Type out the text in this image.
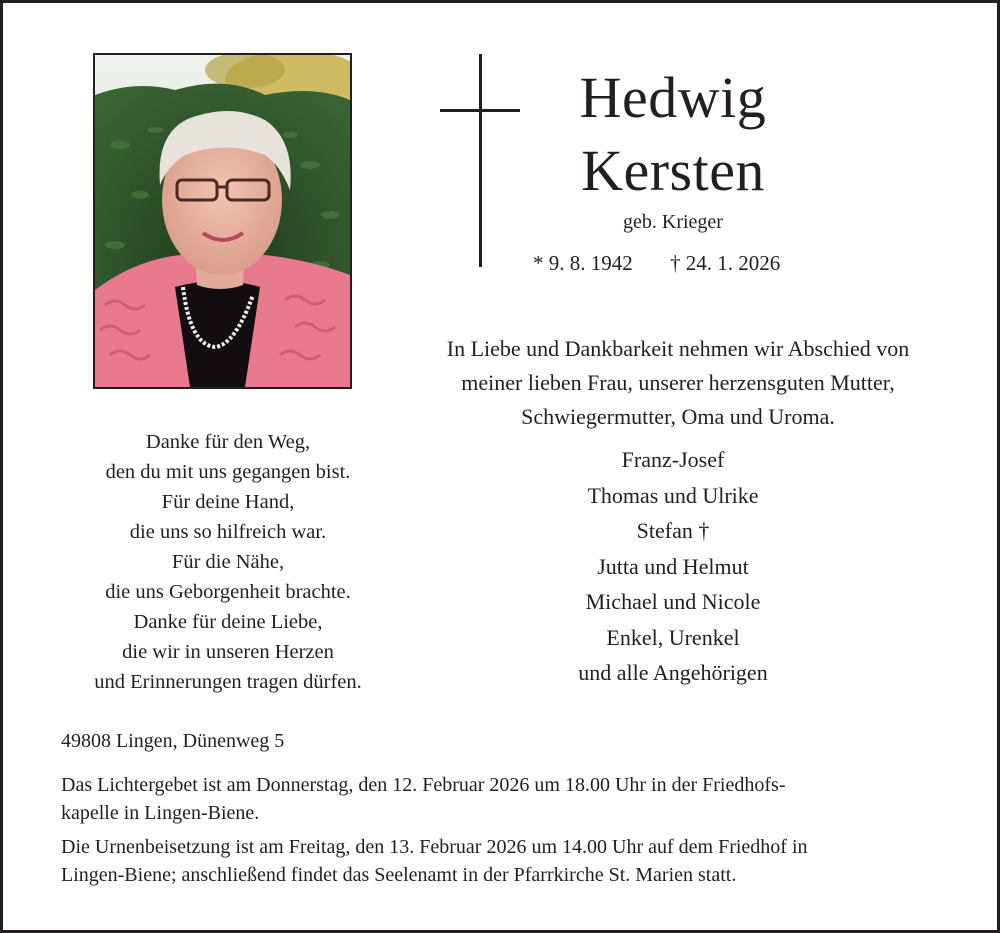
Hedwig
Kersten
geb. Krieger
* 9. 8. 1942 † 24. 1. 2026
In Liebe und Dankbarkeit nehmen wir Abschied von
meiner lieben Frau, unserer herzensguten Mutter,
Schwiegermutter, Oma und Uroma.
Danke für den Weg,
den du mit uns gegangen bist.
Für deine Hand,
die uns so hilfreich war.
Für die Nähe,
die uns Geborgenheit brachte.
Danke für deine Liebe,
die wir in unseren Herzen
und Erinnerungen tragen dürfen.
Franz-Josef
Thomas und Ulrike
Stefan †
Jutta und Helmut
Michael und Nicole
Enkel, Urenkel
und alle Angehörigen
49808 Lingen, Dünenweg 5
Das Lichtergebet ist am Donnerstag, den 12. Februar 2026 um 18.00 Uhr in der Friedhofs-
kapelle in Lingen-Biene.
Die Urnenbeisetzung ist am Freitag, den 13. Februar 2026 um 14.00 Uhr auf dem Friedhof in
Lingen-Biene; anschließend findet das Seelenamt in der Pfarrkirche St. Marien statt.
